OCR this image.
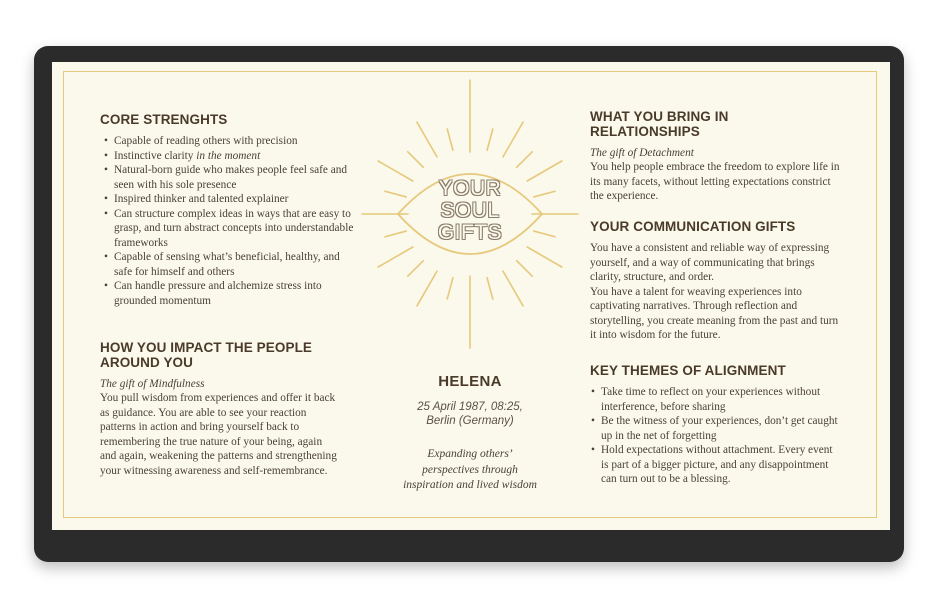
CORE STRENGHTS
• Capable of reading others with precision
• Instinctive clarity in the moment
• Natural-born guide who makes people feel safe and seen with his sole presence
• Inspired thinker and talented explainer
• Can structure complex ideas in ways that are easy to grasp, and turn abstract concepts into understandable frameworks
• Capable of sensing what’s beneficial, healthy, and safe for himself and others
• Can handle pressure and alchemize stress into grounded momentum
HOW YOU IMPACT THE PEOPLE AROUND YOU

The gift of Mindfulness

You pull wisdom from experiences and offer it back as guidance. You are able to see your reaction patterns in action and bring yourself back to remembering the true nature of your being, again and again, weakening the patterns and strengthening your witnessing awareness and self-remembrance.

YOUR
SOUL
GIFTS
HELENA
25 April 1987, 08:25,
Berlin (Germany)
Expanding others’
perspectives through
inspiration and lived wisdom
WHAT YOU BRING IN RELATIONSHIPS

The gift of Detachment

You help people embrace the freedom to explore life in its many facets, without letting expectations constrict the experience.

YOUR COMMUNICATION GIFTS

You have a consistent and reliable way of expressing yourself, and a way of communicating that brings clarity, structure, and order.

You have a talent for weaving experiences into captivating narratives. Through reflection and storytelling, you create meaning from the past and turn it into wisdom for the future.

KEY THEMES OF ALIGNMENT
• Take time to reflect on your experiences without interference, before sharing
• Be the witness of your experiences, don’t get caught up in the net of forgetting
• Hold expectations without attachment. Every event is part of a bigger picture, and any disappointment can turn out to be a blessing.
